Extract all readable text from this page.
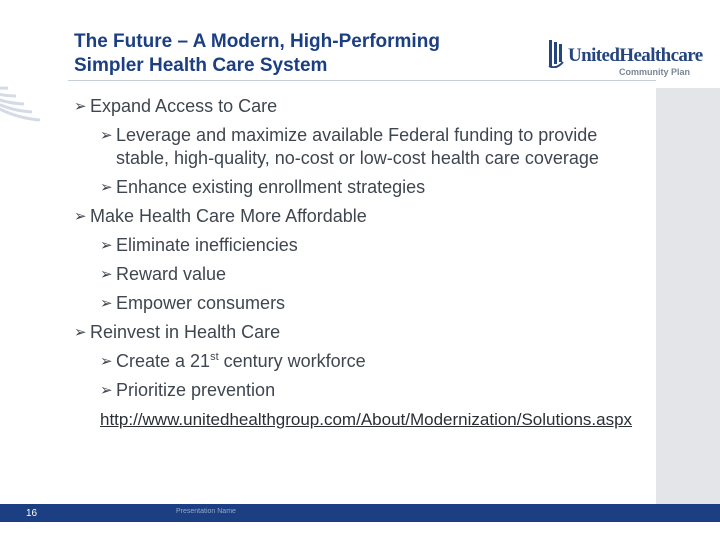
The Future – A Modern, High-Performing
Simpler Health Care System	UnitedHealthcare
Community Plan
➢ Expand Access to Care
➢ Leverage and maximize available Federal funding to provide stable, high-quality, no-cost or low-cost health care coverage
➢ Enhance existing enrollment strategies
➢ Make Health Care More Affordable
➢ Eliminate inefficiencies
➢ Reward value
➢ Empower consumers
➢ Reinvest in Health Care
➢ Create a 21st century workforce
➢ Prioritize prevention
http://www.unitedhealthgroup.com/About/Modernization/Solutions.aspx
16	Presentation Name
